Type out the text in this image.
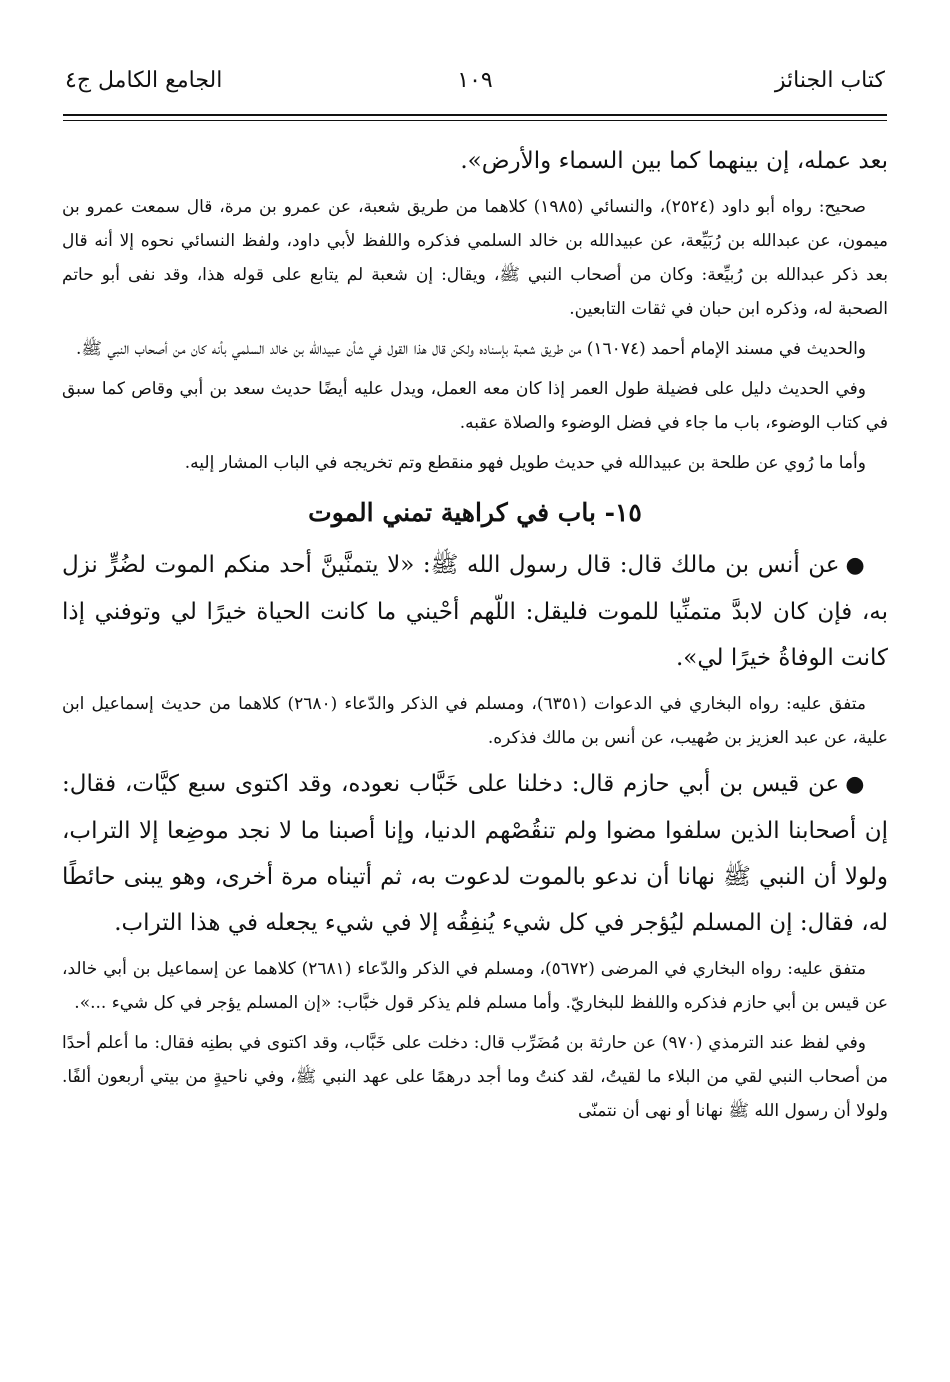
كتاب الجنائز
١٠٩
الجامع الكامل ج٤

بعد عمله، إن بينهما كما بين السماء والأرض».

صحيح: رواه أبو داود (٢٥٢٤)، والنسائي (١٩٨٥) كلاهما من طريق شعبة، عن عمرو بن مرة، قال سمعت عمرو بن ميمون، عن عبدالله بن رُبَيِّعة، عن عبيدالله بن خالد السلمي فذكره واللفظ لأبي داود، ولفظ النسائي نحوه إلا أنه قال بعد ذكر عبدالله بن رُبيِّعة: وكان من أصحاب النبي ﷺ، ويقال: إن شعبة لم يتابع على قوله هذا، وقد نفى أبو حاتم الصحبة له، وذكره ابن حبان في ثقات التابعين.

والحديث في مسند الإمام أحمد (١٦٠٧٤) من طريق شعبة بإسناده ولكن قال هذا القول في شأن عبيدالله بن خالد السلمي بأنه كان من أصحاب النبي ﷺ.

وفي الحديث دليل على فضيلة طول العمر إذا كان معه العمل، ويدل عليه أيضًا حديث سعد بن أبي وقاص كما سبق في كتاب الوضوء، باب ما جاء في فضل الوضوء والصلاة عقبه.

وأما ما رُوي عن طلحة بن عبيدالله في حديث طويل فهو منقطع وتم تخريجه في الباب المشار إليه.

١٥- باب في كراهية تمني الموت

●عن أنس بن مالك قال: قال رسول الله ﷺ: «لا يتمنَّينَّ أحد منكم الموت لضُرٍّ نزل به، فإن كان لابدَّ متمنِّيا للموت فليقل: اللّهم أحْيني ما كانت الحياة خيرًا لي وتوفني إذا كانت الوفاةُ خيرًا لي».

متفق عليه: رواه البخاري في الدعوات (٦٣٥١)، ومسلم في الذكر والدّعاء (٢٦٨٠) كلاهما من حديث إسماعيل ابن علية، عن عبد العزيز بن صُهيب، عن أنس بن مالك فذكره.

●عن قيس بن أبي حازم قال: دخلنا على خَبَّاب نعوده، وقد اكتوى سبع كيَّات، فقال: إن أصحابنا الذين سلفوا مضوا ولم تنقُصْهم الدنيا، وإنا أصبنا ما لا نجد موضِعا إلا التراب، ولولا أن النبي ﷺ نهانا أن ندعو بالموت لدعوت به، ثم أتيناه مرة أخرى، وهو يبنى حائطًا له، فقال: إن المسلم ليُؤجر في كل شيء يُنفِقُه إلا في شيء يجعله في هذا التراب.

متفق عليه: رواه البخاري في المرضى (٥٦٧٢)، ومسلم في الذكر والدّعاء (٢٦٨١) كلاهما عن إسماعيل بن أبي خالد، عن قيس بن أبي حازم فذكره واللفظ للبخاريّ. وأما مسلم فلم يذكر قول خبَّاب: «إن المسلم يؤجر في كل شيء ...».

وفي لفظ عند الترمذي (٩٧٠) عن حارثة بن مُضَرِّب قال: دخلت على خَبَّاب، وقد اكتوى في بطنِه فقال: ما أعلم أحدًا من أصحاب النبي لقي من البلاء ما لقيتُ، لقد كنتُ وما أجد درهمًا على عهد النبي ﷺ، وفي ناحيةٍ من بيتي أربعون ألفًا. ولولا أن رسول الله ﷺ نهانا أو نهى أن نتمنّى
